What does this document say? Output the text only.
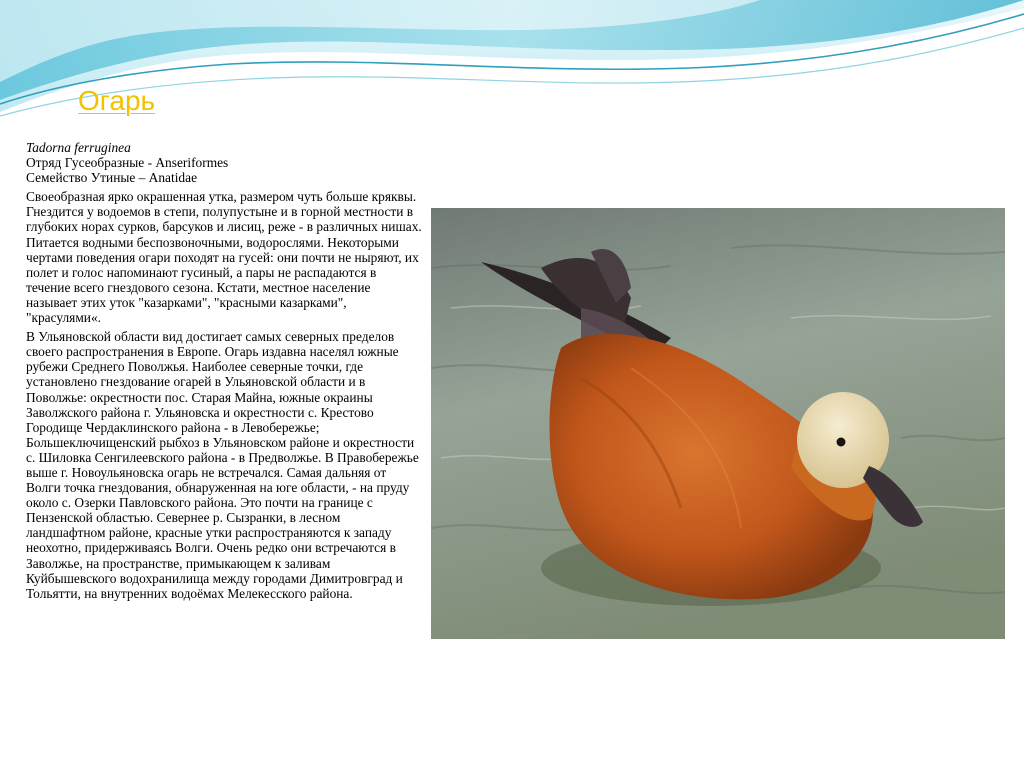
Огарь

Tadorna ferruginea

Отряд Гусеобразные - Anseriformes

Семейство Утиные – Anatidae

Своеобразная ярко окрашенная утка, размером чуть больше кряквы. Гнездится у водоемов в степи, полупустыне и в горной местности в глубоких норах сурков, барсуков и лисиц, реже - в различных нишах. Питается водными беспозвоночными, водорослями. Некоторыми чертами поведения огари походят на гусей: они почти не ныряют, их полет и голос напоминают гусиный, а пары не распадаются в течение всего гнездового сезона. Кстати, местное население называет этих уток "казарками", "красными казарками", "красулями«.

В Ульяновской области вид достигает самых северных пределов своего распространения в Европе. Огарь издавна населял южные рубежи Среднего Поволжья. Наиболее северные точки, где установлено гнездование огарей в Ульяновской области и в Поволжье: окрестности пос. Старая Майна, южные окраины Заволжского района г. Ульяновска и окрестности с. Крестово Городище Чердаклинского района - в Левобережье; Большеключищенский рыбхоз в Ульяновском районе и окрестности с. Шиловка Сенгилеевского района - в Предволжье. В Правобережье выше г. Новоульяновска огарь не встречался. Самая дальняя от Волги точка гнездования, обнаруженная на юге области, - на пруду около с. Озерки Павловского района. Это почти на границе с Пензенской областью. Севернее р. Сызранки, в лесном ландшафтном районе, красные утки распространяются к западу неохотно, придерживаясь Волги. Очень редко они встречаются в Заволжье, на пространстве, примыкающем к заливам Куйбышевского водохранилища между городами Димитровград и Тольятти, на внутренних водоёмах Мелекесского района.
